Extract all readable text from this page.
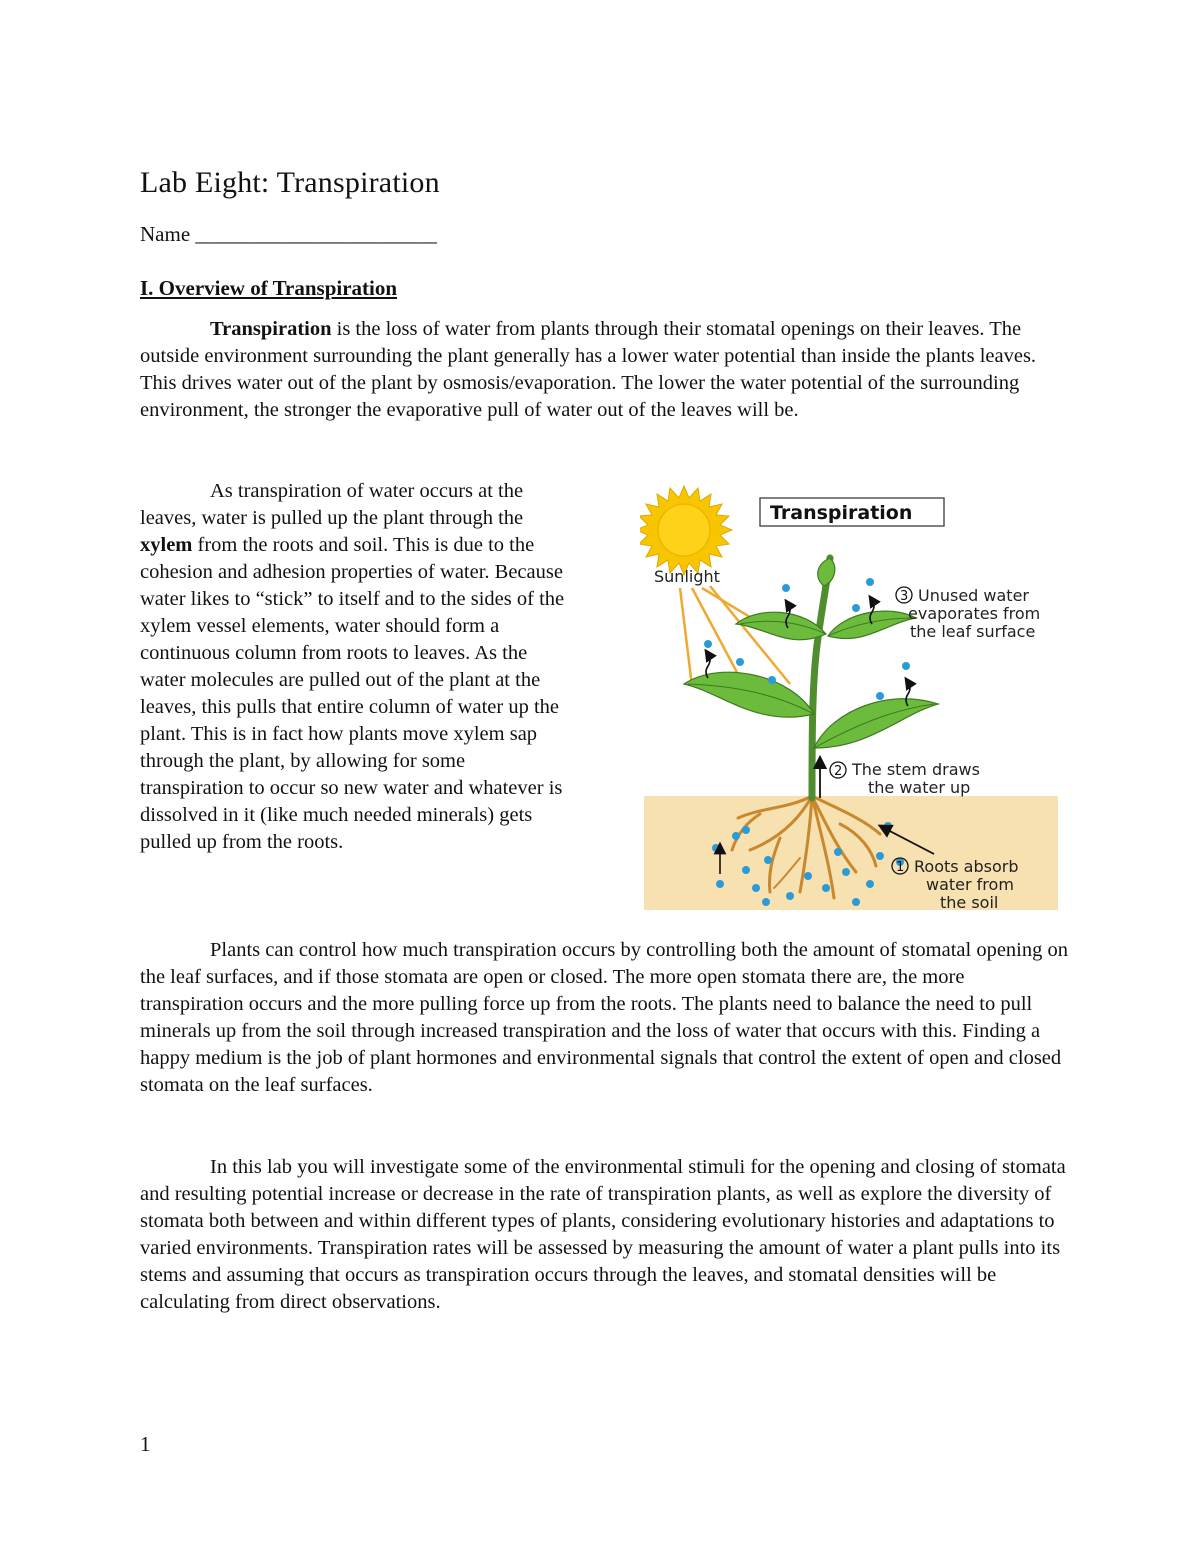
Lab Eight: Transpiration
Name _______________________
I. Overview of Transpiration

Transpiration is the loss of water from plants through their stomatal openings on their leaves. The outside environment surrounding the plant generally has a lower water potential than inside the plants leaves. This drives water out of the plant by osmosis/evaporation. The lower the water potential of the surrounding environment, the stronger the evaporative pull of water out of the leaves will be.

As transpiration of water occurs at the leaves, water is pulled up the plant through the xylem from the roots and soil. This is due to the cohesion and adhesion properties of water. Because water likes to “stick” to itself and to the sides of the xylem vessel elements, water should form a continuous column from roots to leaves. As the water molecules are pulled out of the plant at the leaves, this pulls that entire column of water up the plant. This is in fact how plants move xylem sap through the plant, by allowing for some transpiration to occur so new water and whatever is dissolved in it (like much needed minerals) gets pulled up from the roots.

Sunlight
Transpiration
3 Unused water
evaporates from
the leaf surface
2 The stem draws
the water up
1 Roots absorb
water from
the soil

Plants can control how much transpiration occurs by controlling both the amount of stomatal opening on the leaf surfaces, and if those stomata are open or closed. The more open stomata there are, the more transpiration occurs and the more pulling force up from the roots. The plants need to balance the need to pull minerals up from the soil through increased transpiration and the loss of water that occurs with this. Finding a happy medium is the job of plant hormones and environmental signals that control the extent of open and closed stomata on the leaf surfaces.

In this lab you will investigate some of the environmental stimuli for the opening and closing of stomata and resulting potential increase or decrease in the rate of transpiration plants, as well as explore the diversity of stomata both between and within different types of plants, considering evolutionary histories and adaptations to varied environments. Transpiration rates will be assessed by measuring the amount of water a plant pulls into its stems and assuming that occurs as transpiration occurs through the leaves, and stomatal densities will be calculating from direct observations.

1
